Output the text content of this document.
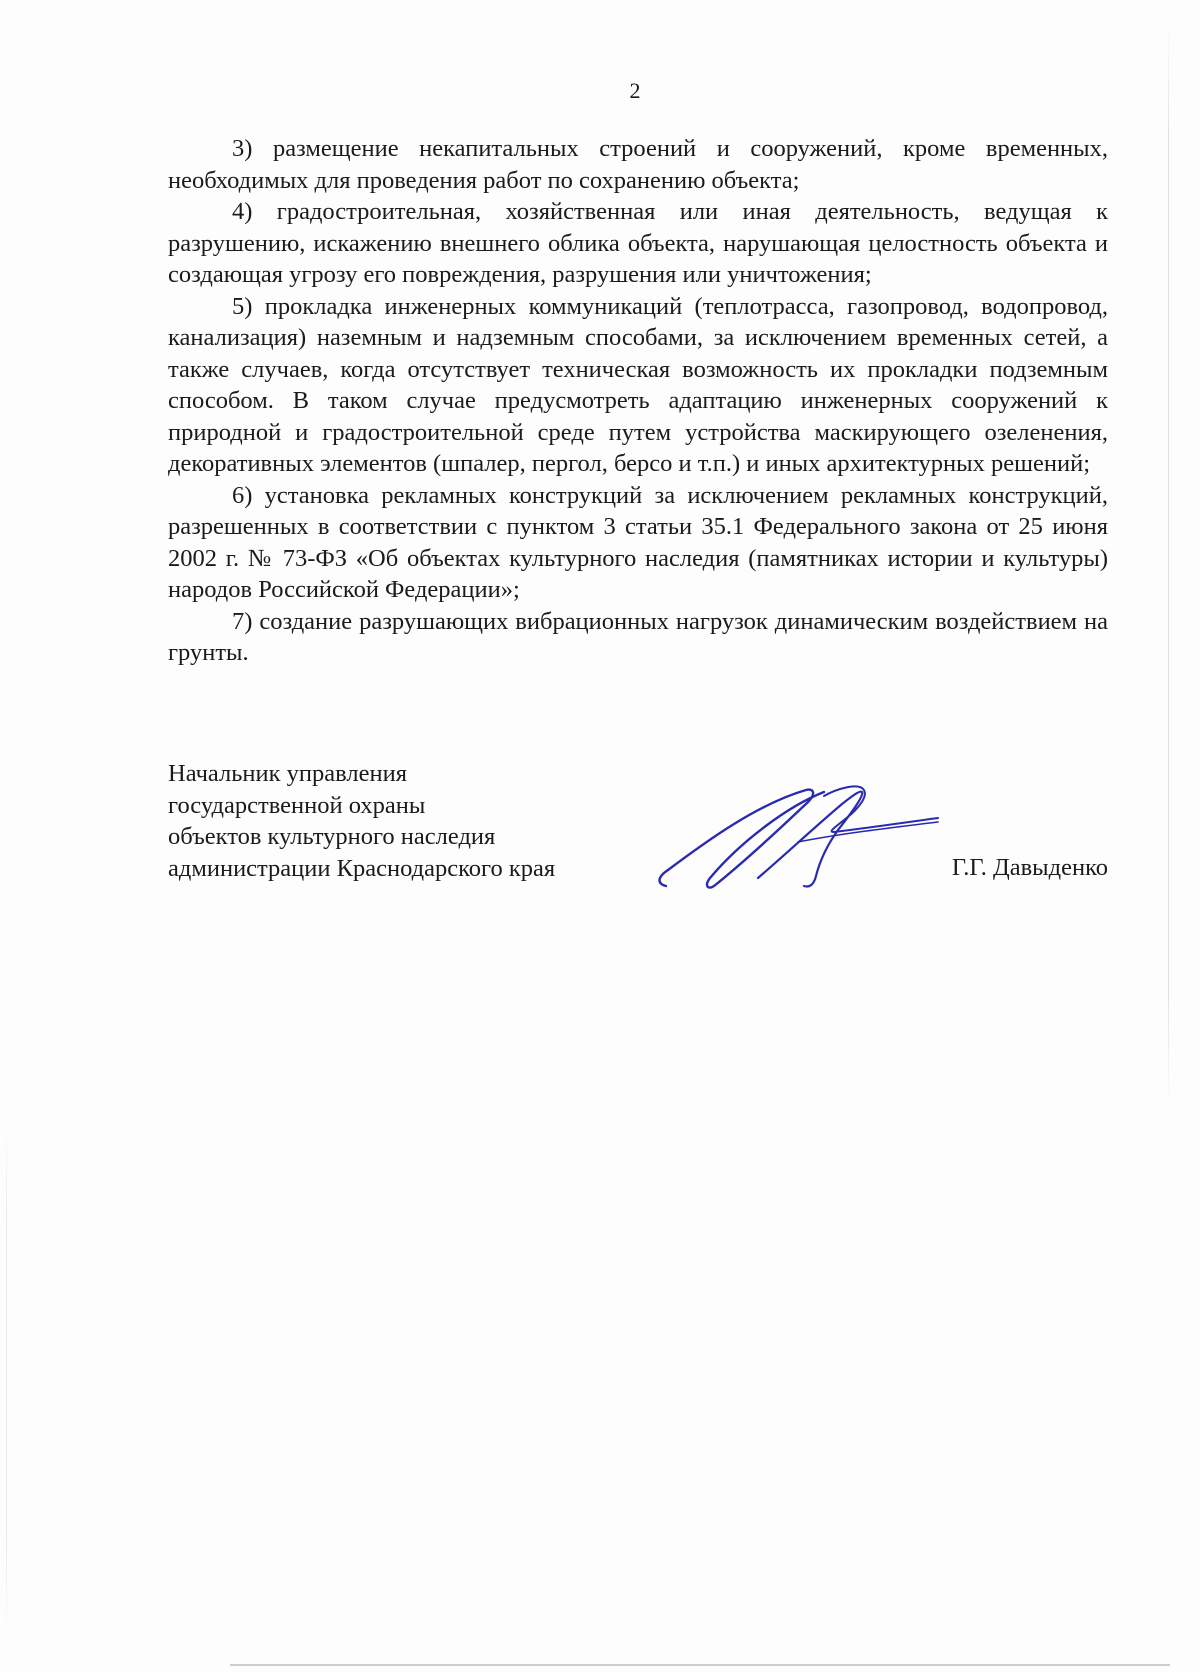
2

3) размещение некапитальных строений и сооружений, кроме временных, необходимых для проведения работ по сохранению объекта;

4) градостроительная, хозяйственная или иная деятельность, ведущая к разрушению, искажению внешнего облика объекта, нарушающая целостность объекта и создающая угрозу его повреждения, разрушения или уничтожения;

5) прокладка инженерных коммуникаций (теплотрасса, газопровод, водопровод, канализация) наземным и надземным способами, за исключением временных сетей, а также случаев, когда отсутствует техническая возможность их прокладки подземным способом. В таком случае предусмотреть адаптацию инженерных сооружений к природной и градостроительной среде путем устройства маскирующего озеленения, декоративных элементов (шпалер, пергол, берсо и т.п.) и иных архитектурных решений;

6) установка рекламных конструкций за исключением рекламных конструкций, разрешенных в соответствии с пунктом 3 статьи 35.1 Федерального закона от 25 июня 2002 г. № 73-ФЗ «Об объектах культурного наследия (памятниках истории и культуры) народов Российской Федерации»;

7) создание разрушающих вибрационных нагрузок динамическим воздействием на грунты.

Начальник управления
государственной охраны
объектов культурного наследия
администрации Краснодарского края	Г.Г. Давыденко
